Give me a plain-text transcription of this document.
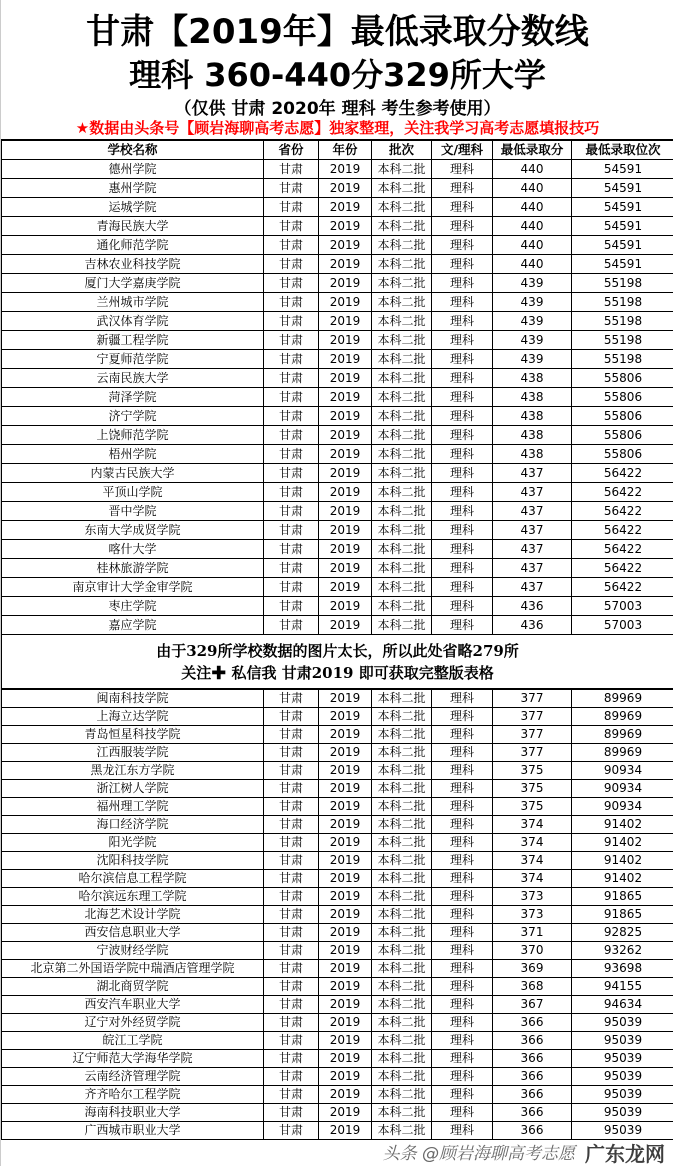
甘肃【2019年】最低录取分数线
理科 360-440分329所大学
（仅供 甘肃 2020年 理科 考生参考使用）
★数据由头条号【顾岩海聊高考志愿】独家整理，关注我学习高考志愿填报技巧
学校名称	省份	年份	批次	文/理科	最低录取分	最低录取位次
德州学院	甘肃	2019	本科二批	理科	440	54591
惠州学院	甘肃	2019	本科二批	理科	440	54591
运城学院	甘肃	2019	本科二批	理科	440	54591
青海民族大学	甘肃	2019	本科二批	理科	440	54591
通化师范学院	甘肃	2019	本科二批	理科	440	54591
吉林农业科技学院	甘肃	2019	本科二批	理科	440	54591
厦门大学嘉庚学院	甘肃	2019	本科二批	理科	439	55198
兰州城市学院	甘肃	2019	本科二批	理科	439	55198
武汉体育学院	甘肃	2019	本科二批	理科	439	55198
新疆工程学院	甘肃	2019	本科二批	理科	439	55198
宁夏师范学院	甘肃	2019	本科二批	理科	439	55198
云南民族大学	甘肃	2019	本科二批	理科	438	55806
菏泽学院	甘肃	2019	本科二批	理科	438	55806
济宁学院	甘肃	2019	本科二批	理科	438	55806
上饶师范学院	甘肃	2019	本科二批	理科	438	55806
梧州学院	甘肃	2019	本科二批	理科	438	55806
内蒙古民族大学	甘肃	2019	本科二批	理科	437	56422
平顶山学院	甘肃	2019	本科二批	理科	437	56422
晋中学院	甘肃	2019	本科二批	理科	437	56422
东南大学成贤学院	甘肃	2019	本科二批	理科	437	56422
喀什大学	甘肃	2019	本科二批	理科	437	56422
桂林旅游学院	甘肃	2019	本科二批	理科	437	56422
南京审计大学金审学院	甘肃	2019	本科二批	理科	437	56422
枣庄学院	甘肃	2019	本科二批	理科	436	57003
嘉应学院	甘肃	2019	本科二批	理科	436	57003
由于329所学校数据的图片太长，所以此处省略279所
关注✚ 私信我 甘肃2019 即可获取完整版表格
闽南科技学院	甘肃	2019	本科二批	理科	377	89969
上海立达学院	甘肃	2019	本科二批	理科	377	89969
青岛恒星科技学院	甘肃	2019	本科二批	理科	377	89969
江西服装学院	甘肃	2019	本科二批	理科	377	89969
黑龙江东方学院	甘肃	2019	本科二批	理科	375	90934
浙江树人学院	甘肃	2019	本科二批	理科	375	90934
福州理工学院	甘肃	2019	本科二批	理科	375	90934
海口经济学院	甘肃	2019	本科二批	理科	374	91402
阳光学院	甘肃	2019	本科二批	理科	374	91402
沈阳科技学院	甘肃	2019	本科二批	理科	374	91402
哈尔滨信息工程学院	甘肃	2019	本科二批	理科	374	91402
哈尔滨远东理工学院	甘肃	2019	本科二批	理科	373	91865
北海艺术设计学院	甘肃	2019	本科二批	理科	373	91865
西安信息职业大学	甘肃	2019	本科二批	理科	371	92825
宁波财经学院	甘肃	2019	本科二批	理科	370	93262
北京第二外国语学院中瑞酒店管理学院	甘肃	2019	本科二批	理科	369	93698
湖北商贸学院	甘肃	2019	本科二批	理科	368	94155
西安汽车职业大学	甘肃	2019	本科二批	理科	367	94634
辽宁对外经贸学院	甘肃	2019	本科二批	理科	366	95039
皖江工学院	甘肃	2019	本科二批	理科	366	95039
辽宁师范大学海华学院	甘肃	2019	本科二批	理科	366	95039
云南经济管理学院	甘肃	2019	本科二批	理科	366	95039
齐齐哈尔工程学院	甘肃	2019	本科二批	理科	366	95039
海南科技职业大学	甘肃	2019	本科二批	理科	366	95039
广西城市职业大学	甘肃	2019	本科二批	理科	366	95039
头条 @顾岩海聊高考志愿 广东龙网
